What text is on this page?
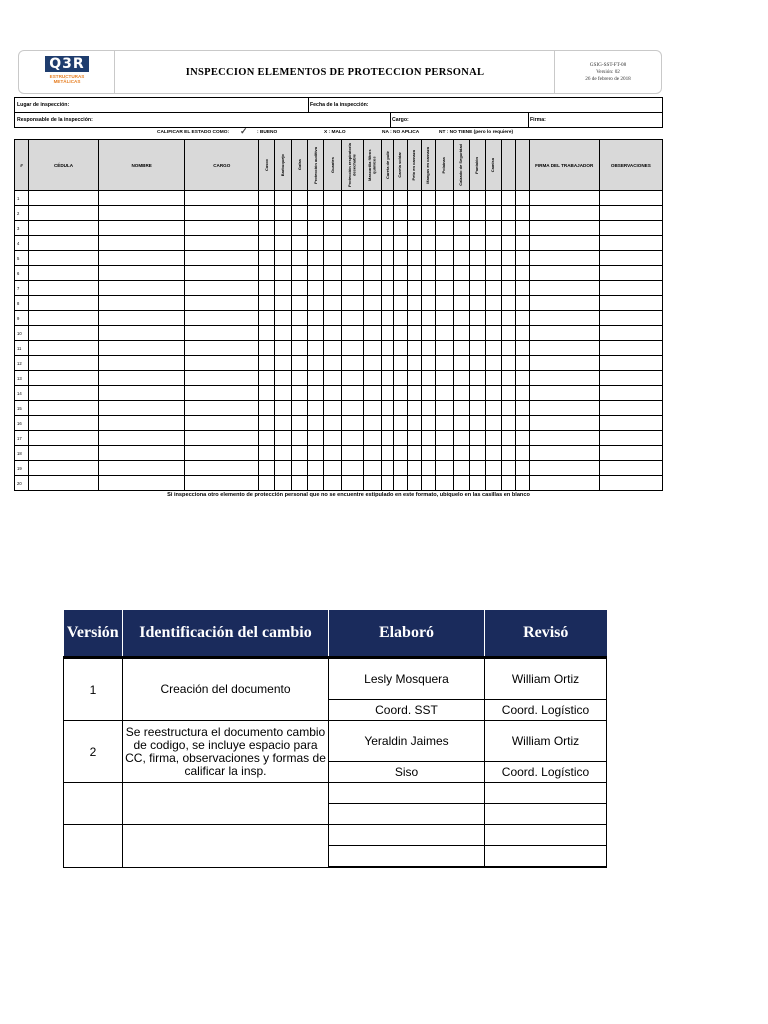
Q3R
ESTRUCTURAS METÁLICAS
INSPECCION ELEMENTOS DE PROTECCION PERSONAL
GSIG-SST-FT-08
Versión: 02
26 de febrero de 2018
Lugar de inspección:	Fecha de la inspección:
Responsable de la inspección:	Cargo:	Firma:
CALIFICAR EL ESTADO COMO: ✓ : BUENO	X : MALO	NA : NO APLICA	NT : NO TIENE (pero lo requiere)
#	CÉDULA	NOMBRE	CARGO	Casco	Barbuquejo	Gafas	Protección auditiva	Guantes	Protección respiratoria desechable	Mascarilla filtros químicos	Careta de pulir	Careta soldar	Peto en carnaza	Mangas en carnaza	Polainas	Calzado de Seguridad	Pantalón	Camisa			FIRMA DEL TRABAJADOR	OBSERVACIONES
1																						
2																						
3																						
4																						
5																						
6																						
7																						
8																						
9																						
10																						
11																						
12																						
13																						
14																						
15																						
16																						
17																						
18																						
19																						
20																						
Si inspecciona otro elemento de protección personal que no se encuentre estipulado en este formato, ubíquelo en las casillas en blanco
Versión	Identificación del cambio	Elaboró	Revisó
1	Creación del documento	Lesly Mosquera	William Ortiz
		Coord. SST	Coord. Logístico
2	Se reestructura el documento cambio de codigo, se incluye espacio para CC, firma, observaciones y formas de calificar la insp.	Yeraldin Jaimes	William Ortiz
		Siso	Coord. Logístico
